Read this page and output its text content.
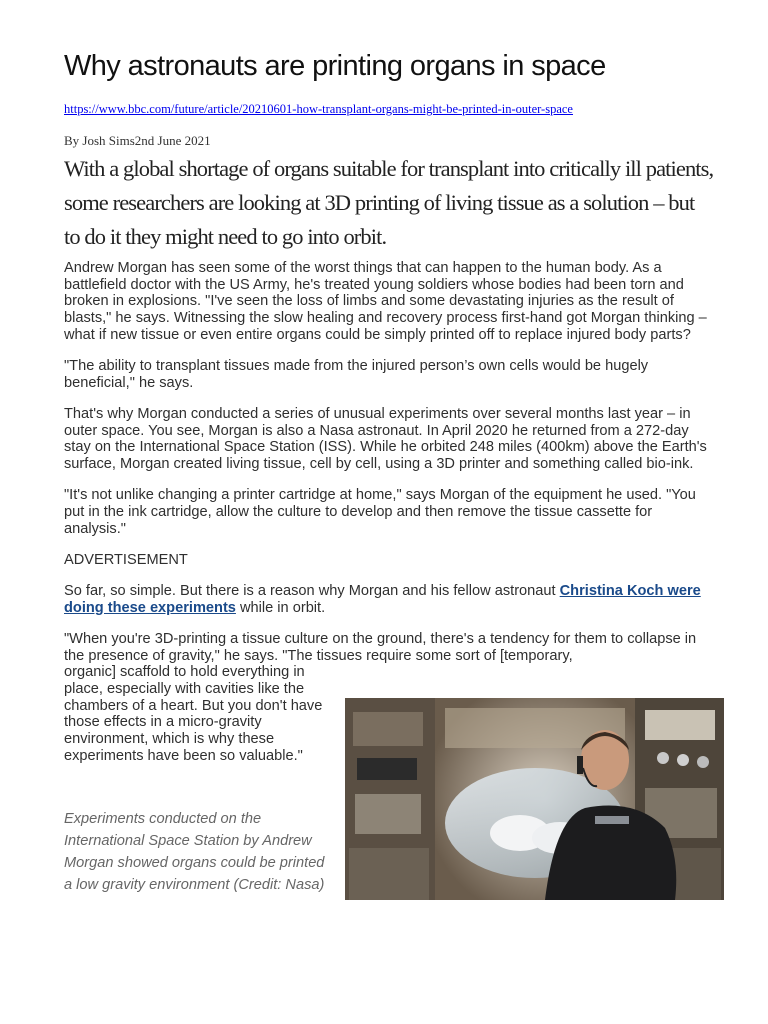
Why astronauts are printing organs in space
https://www.bbc.com/future/article/20210601-how-transplant-organs-might-be-printed-in-outer-space
By Josh Sims2nd June 2021

With a global shortage of organs suitable for transplant into critically ill patients, some researchers are looking at 3D printing of living tissue as a solution – but to do it they might need to go into orbit.

Andrew Morgan has seen some of the worst things that can happen to the human body. As a battlefield doctor with the US Army, he's treated young soldiers whose bodies had been torn and broken in explosions. "I've seen the loss of limbs and some devastating injuries as the result of blasts," he says. Witnessing the slow healing and recovery process first-hand got Morgan thinking – what if new tissue or even entire organs could be simply printed off to replace injured body parts?

"The ability to transplant tissues made from the injured person’s own cells would be hugely beneficial," he says.

That's why Morgan conducted a series of unusual experiments over several months last year – in outer space. You see, Morgan is also a Nasa astronaut. In April 2020 he returned from a 272-day stay on the International Space Station (ISS). While he orbited 248 miles (400km) above the Earth's surface, Morgan created living tissue, cell by cell, using a 3D printer and something called bio-ink.

"It's not unlike changing a printer cartridge at home," says Morgan of the equipment he used. "You put in the ink cartridge, allow the culture to develop and then remove the tissue cassette for analysis."

ADVERTISEMENT

So far, so simple. But there is a reason why Morgan and his fellow astronaut Christina Koch were doing these experiments while in orbit.

"When you're 3D-printing a tissue culture on the ground, there's a tendency for them to collapse in the presence of gravity," he says. "The tissues require some sort of [temporary,
organic] scaffold to hold everything in place, especially with cavities like the chambers of a heart. But you don't have those effects in a micro-gravity environment, which is why these experiments have been so valuable."

Experiments conducted on the International Space Station by Andrew Morgan showed organs could be printed a low gravity environment (Credit: Nasa)
